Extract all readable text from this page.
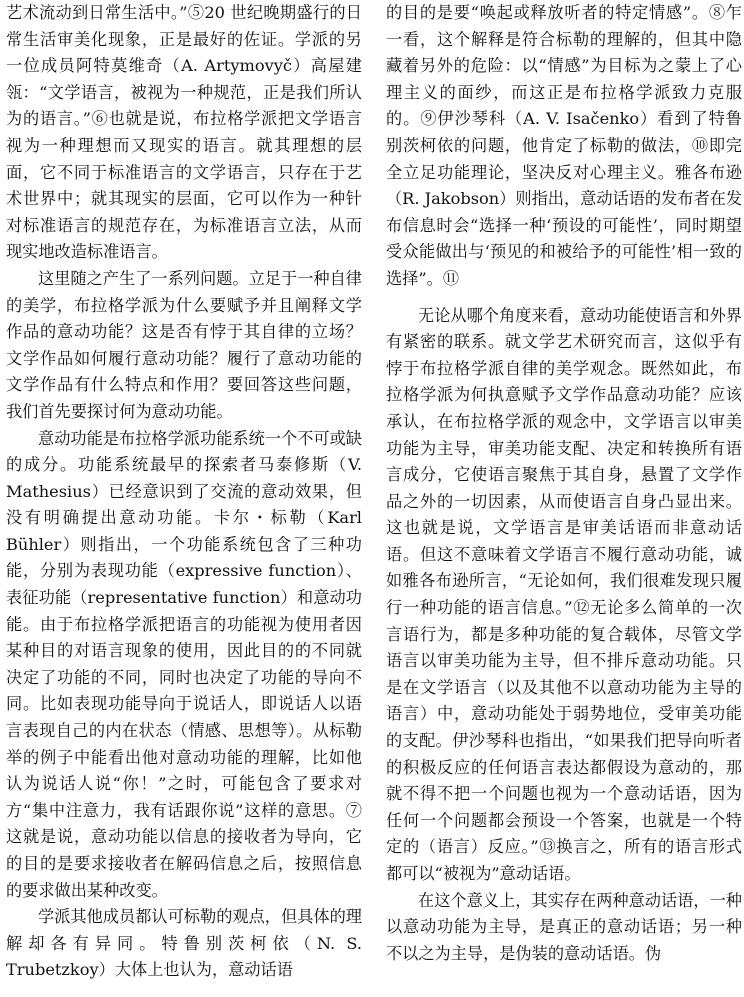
艺术流动到日常生活中。”⑤20 世纪晚期盛行的日常生活审美化现象，正是最好的佐证。学派的另一位成员阿特莫维奇（A. Artymovyč）高屋建瓴：“文学语言，被视为一种规范，正是我们所认为的语言。”⑥也就是说，布拉格学派把文学语言视为一种理想而又现实的语言。就其理想的层面，它不同于标准语言的文学语言，只存在于艺术世界中；就其现实的层面，它可以作为一种针对标准语言的规范存在，为标准语言立法，从而现实地改造标准语言。

这里随之产生了一系列问题。立足于一种自律的美学，布拉格学派为什么要赋予并且阐释文学作品的意动功能？这是否有悖于其自律的立场？文学作品如何履行意动功能？履行了意动功能的文学作品有什么特点和作用？要回答这些问题，我们首先要探讨何为意动功能。

意动功能是布拉格学派功能系统一个不可或缺的成分。功能系统最早的探索者马泰修斯（V. Mathesius）已经意识到了交流的意动效果，但没有明确提出意动功能。卡尔・标勒（Karl Bühler）则指出，一个功能系统包含了三种功能，分别为表现功能（expressive function）、表征功能（representative function）和意动功能。由于布拉格学派把语言的功能视为使用者因某种目的对语言现象的使用，因此目的的不同就决定了功能的不同，同时也决定了功能的导向不同。比如表现功能导向于说话人，即说话人以语言表现自己的内在状态（情感、思想等）。从标勒举的例子中能看出他对意动功能的理解，比如他认为说话人说“你！”之时，可能包含了要求对方“集中注意力，我有话跟你说”这样的意思。⑦这就是说，意动功能以信息的接收者为导向，它的目的是要求接收者在解码信息之后，按照信息的要求做出某种改变。

学派其他成员都认可标勒的观点，但具体的理解却各有异同。特鲁别茨柯依（N. S. Trubetzkoy）大体上也认为，意动话语

的目的是要“唤起或释放听者的特定情感”。⑧乍一看，这个解释是符合标勒的理解的，但其中隐藏着另外的危险：以“情感”为目标为之蒙上了心理主义的面纱，而这正是布拉格学派致力克服的。⑨伊沙琴科（A. V. Isačenko）看到了特鲁别茨柯依的问题，他肯定了标勒的做法，⑩即完全立足功能理论，坚决反对心理主义。雅各布逊（R. Jakobson）则指出，意动话语的发布者在发布信息时会“选择一种‘预设的可能性’，同时期望受众能做出与‘预见的和被给予的可能性’相一致的选择”。⑪

无论从哪个角度来看，意动功能使语言和外界有紧密的联系。就文学艺术研究而言，这似乎有悖于布拉格学派自律的美学观念。既然如此，布拉格学派为何执意赋予文学作品意动功能？应该承认，在布拉格学派的观念中，文学语言以审美功能为主导，审美功能支配、决定和转换所有语言成分，它使语言聚焦于其自身，悬置了文学作品之外的一切因素，从而使语言自身凸显出来。这也就是说，文学语言是审美话语而非意动话语。但这不意味着文学语言不履行意动功能，诚如雅各布逊所言，“无论如何，我们很难发现只履行一种功能的语言信息。”⑫无论多么简单的一次言语行为，都是多种功能的复合载体，尽管文学语言以审美功能为主导，但不排斥意动功能。只是在文学语言（以及其他不以意动功能为主导的语言）中，意动功能处于弱势地位，受审美功能的支配。伊沙琴科也指出，“如果我们把导向听者的积极反应的任何语言表达都假设为意动的，那就不得不把一个问题也视为一个意动话语，因为任何一个问题都会预设一个答案，也就是一个特定的（语言）反应。”⑬换言之，所有的语言形式都可以“被视为”意动话语。

在这个意义上，其实存在两种意动话语，一种以意动功能为主导，是真正的意动话语；另一种不以之为主导，是伪装的意动话语。伪
